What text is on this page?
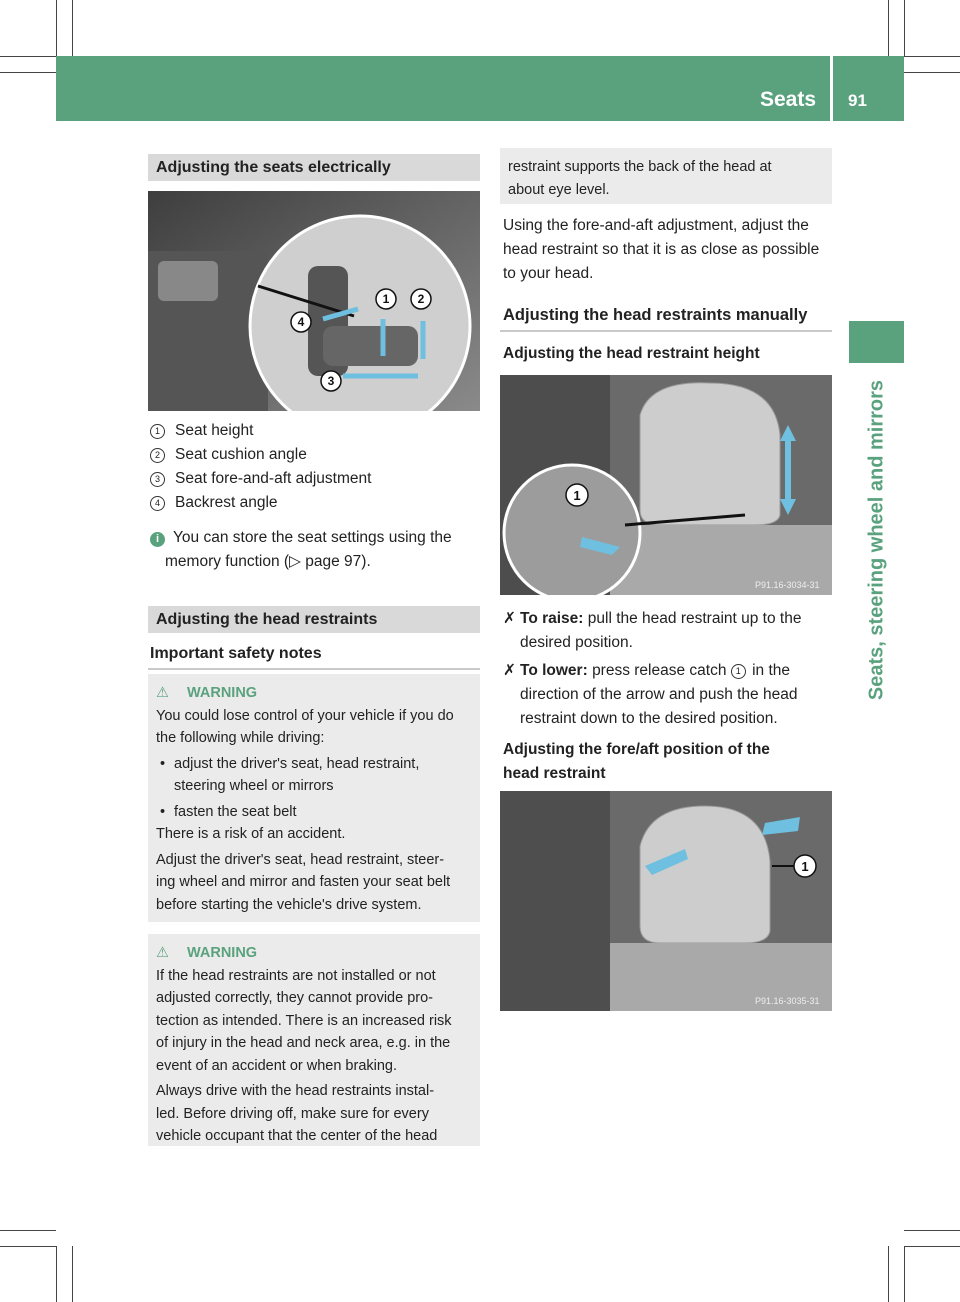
Seats 91
Seats, steering wheel and mirrors
Adjusting the seats electrically
1 2
3
4
1 Seat height
2 Seat cushion angle
3 Seat fore-and-aft adjustment
4 Backrest angle
i You can store the seat settings using the
memory function (▷ page 97).
Adjusting the head restraints
Important safety notes
⚠ WARNING
You could lose control of your vehicle if you do
the following while driving:
• adjust the driver's seat, head restraint,
steering wheel or mirrors
• fasten the seat belt
There is a risk of an accident.
Adjust the driver's seat, head restraint, steer-
ing wheel and mirror and fasten your seat belt
before starting the vehicle's drive system.
⚠ WARNING
If the head restraints are not installed or not
adjusted correctly, they cannot provide pro-
tection as intended. There is an increased risk
of injury in the head and neck area, e.g. in the
event of an accident or when braking.
Always drive with the head restraints instal-
led. Before driving off, make sure for every
vehicle occupant that the center of the head
restraint supports the back of the head at
about eye level.
Using the fore-and-aft adjustment, adjust the
head restraint so that it is as close as possible
to your head.
Adjusting the head restraints manually
Adjusting the head restraint height
1
P91.16-3034-31
✗ To raise: pull the head restraint up to the
desired position.
✗ To lower: press release catch 1 in the
direction of the arrow and push the head
restraint down to the desired position.
Adjusting the fore/aft position of the
head restraint
1
P91.16-3035-31
